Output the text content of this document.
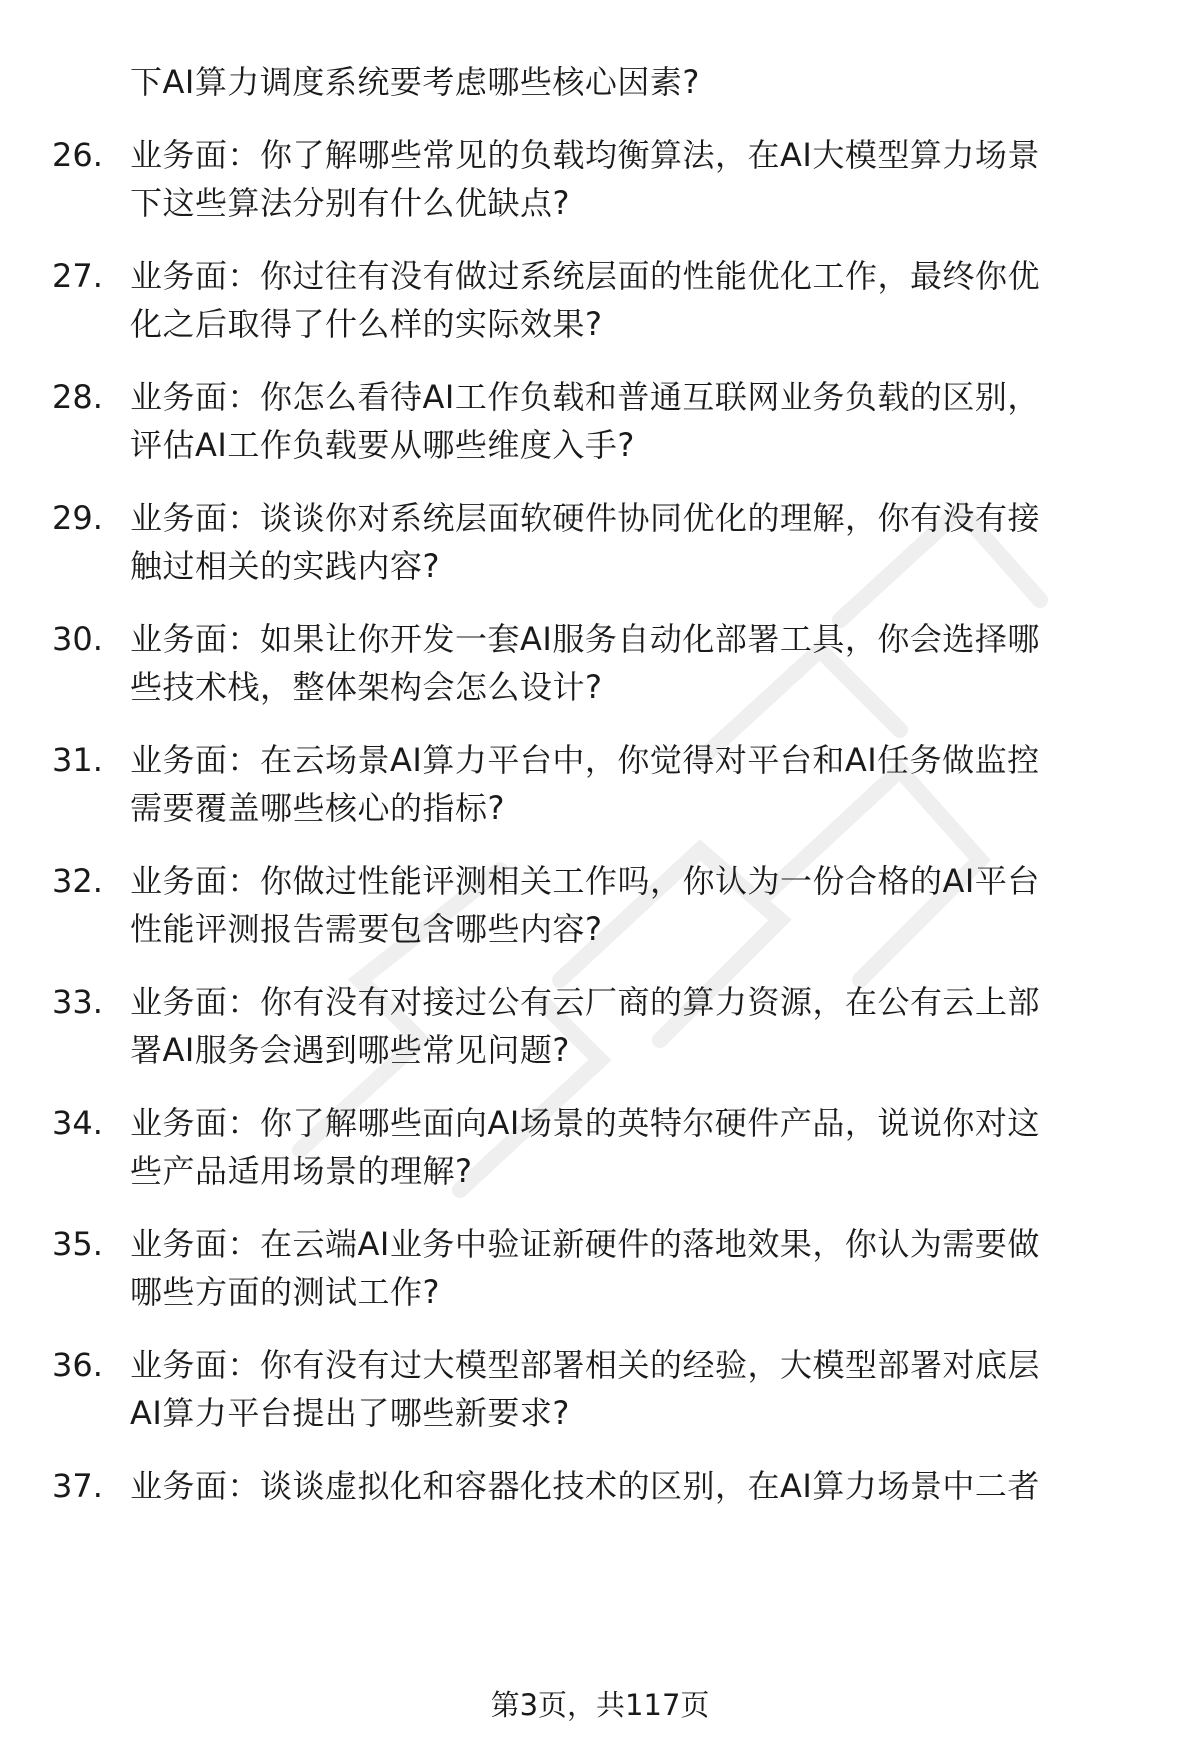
下AI算力调度系统要考虑哪些核心因素?
26. 业务面：你了解哪些常见的负载均衡算法，在AI大模型算力场景
下这些算法分别有什么优缺点?
27. 业务面：你过往有没有做过系统层面的性能优化工作，最终你优
化之后取得了什么样的实际效果?
28. 业务面：你怎么看待AI工作负载和普通互联网业务负载的区别，
评估AI工作负载要从哪些维度入手?
29. 业务面：谈谈你对系统层面软硬件协同优化的理解，你有没有接
触过相关的实践内容?
30. 业务面：如果让你开发一套AI服务自动化部署工具，你会选择哪
些技术栈，整体架构会怎么设计?
31. 业务面：在云场景AI算力平台中，你觉得对平台和AI任务做监控
需要覆盖哪些核心的指标?
32. 业务面：你做过性能评测相关工作吗，你认为一份合格的AI平台
性能评测报告需要包含哪些内容?
33. 业务面：你有没有对接过公有云厂商的算力资源，在公有云上部
署AI服务会遇到哪些常见问题?
34. 业务面：你了解哪些面向AI场景的英特尔硬件产品，说说你对这
些产品适用场景的理解?
35. 业务面：在云端AI业务中验证新硬件的落地效果，你认为需要做
哪些方面的测试工作?
36. 业务面：你有没有过大模型部署相关的经验，大模型部署对底层
AI算力平台提出了哪些新要求?
37. 业务面：谈谈虚拟化和容器化技术的区别，在AI算力场景中二者
第3页，共117页
